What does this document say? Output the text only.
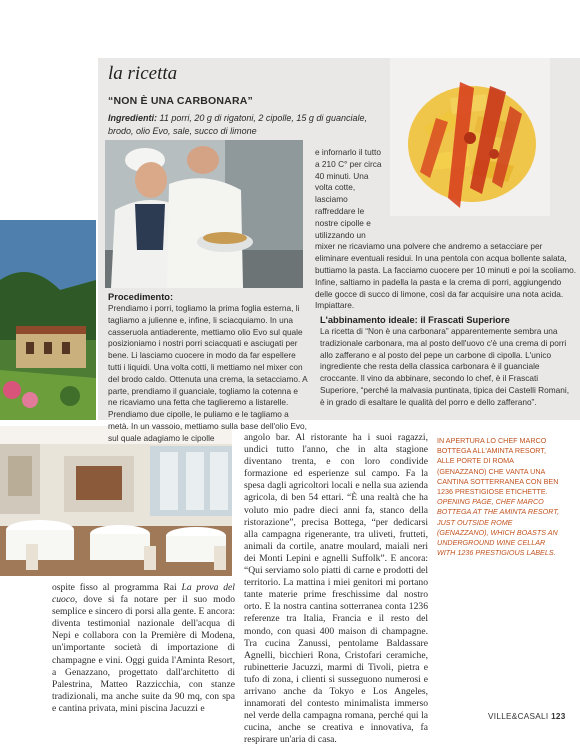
la ricetta
“NON È UNA CARBONARA”
Ingredienti: 11 porri, 20 g di rigatoni, 2 cipolle, 15 g di guanciale, brodo, olio Evo, sale, succo di limone
e infornarlo il tutto a 210 C° per circa 40 minuti. Una volta cotte, lasciamo raffreddare le nostre cipolle e utilizzando un mixer ne ricaviamo una polvere che andremo a setacciare per eliminare eventuali residui. In una pentola con acqua bollente salata, buttiamo la pasta. La facciamo cuocere per 10 minuti e poi la scoliamo. Infine, saltiamo in padella la pasta e la crema di porri, aggiungendo delle gocce di succo di limone, così da far acquisire una nota acida. Impiattare.
Procedimento:
Prendiamo i porri, togliamo la prima foglia esterna, li tagliamo a julienne e, infine, li sciacquiamo. In una casseruola antiaderente, mettiamo olio Evo sul quale posizioniamo i nostri porri sciacquati e asciugati per bene. Li lasciamo cuocere in modo da far espellere tutti i liquidi. Una volta cotti, li mettiamo nel mixer con del brodo caldo. Ottenuta una crema, la setacciamo. A parte, prendiamo il guanciale, togliamo la cotenna e ne ricaviamo una fetta che taglieremo a listarelle. Prendiamo due cipolle, le puliamo e le tagliamo a metà. In un vassoio, mettiamo sulla base dell'olio Evo, sul quale adagiamo le cipolle
L'abbinamento ideale: il Frascati Superiore
La ricetta di “Non è una carbonara” apparentemente sembra una tradizionale carbonara, ma al posto dell'uovo c'è una crema di porri allo zafferano e al posto del pepe un carbone di cipolla. L'unico ingrediente che resta della classica carbonara è il guanciale croccante. Il vino da abbinare, secondo lo chef, è il Frascati Superiore, “perché la malvasia puntinata, tipica dei Castelli Romani, è in grado di esaltare le qualità del porro e dello zafferano”.
angolo bar. Al ristorante ha i suoi ragazzi, undici tutto l'anno, che in alta stagione diventano trenta, e con loro condivide formazione ed esperienze sul campo. Fa la spesa dagli agricoltori locali e nella sua azienda agricola, di ben 54 ettari. “È una realtà che ha voluto mio padre dieci anni fa, stanco della ristorazione”, precisa Bottega, “per dedicarsi alla campagna rigenerante, tra uliveti, frutteti, animali da cortile, anatre moulard, maiali neri dei Monti Lepini e agnelli Suffolk”. E ancora: “Qui serviamo solo piatti di carne e prodotti del territorio. La mattina i miei genitori mi portano tante materie prime freschissime dal nostro orto. E la nostra cantina sotterranea conta 1236 referenze tra Italia, Francia e il resto del mondo, con quasi 400 maison di champagne. Tra cucina Zanussi, pentolame Baldassare Agnelli, bicchieri Rona, Cristofari ceramiche, rubinetterie Jacuzzi, marmi di Tivoli, pietra e tufo di zona, i clienti si susseguono numerosi e arrivano anche da Tokyo e Los Angeles, innamorati del contesto minimalista immerso nel verde della campagna romana, perché qui la cucina, anche se creativa e innovativa, fa respirare un'aria di casa.
ospite fisso al programma Rai La prova del cuoco, dove si fa notare per il suo modo semplice e sincero di porsi alla gente. E ancora: diventa testimonial nazionale dell'acqua di Nepi e collabora con la Première di Modena, un'importante società di importazione di champagne e vini. Oggi guida l'Aminta Resort, a Genazzano, progettato dall'architetto di Palestrina, Matteo Razzicchia, con stanze tradizionali, ma anche suite da 90 mq, con spa e cantina privata, mini piscina Jacuzzi e
IN APERTURA LO CHEF MARCO BOTTEGA ALL'AMINTA RESORT, ALLE PORTE DI ROMA (GENAZZANO) CHE VANTA UNA CANTINA SOTTERRANEA CON BEN 1236 PRESTIGIOSE ETICHETTE. OPENING PAGE, CHEF MARCO BOTTEGA AT THE AMINTA RESORT, JUST OUTSIDE ROME (GENAZZANO), WHICH BOASTS AN UNDERGROUND WINE CELLAR WITH 1236 PRESTIGIOUS LABELS.
VILLE&CASALI 123
